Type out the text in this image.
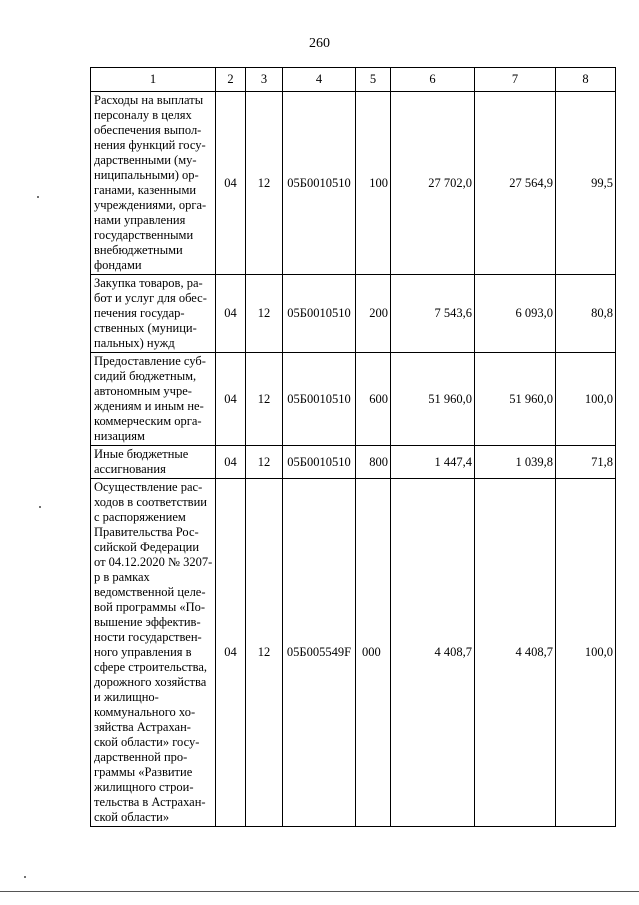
260
1	2	3	4	5	6	7	8
Расходы на выплаты персоналу в целях обеспечения выпол-нения функций госу-дарственными (му-ниципальными) ор-ганами, казенными учреждениями, орга-нами управления государственными внебюджетными фондами	04	12	05Б0010510	100	27 702,0	27 564,9	99,5
Закупка товаров, ра-бот и услуг для обес-печения государ-ственных (муници-пальных) нужд	04	12	05Б0010510	200	7 543,6	6 093,0	80,8
Предоставление суб-сидий бюджетным, автономным учре-ждениям и иным не-коммерческим орга-низациям	04	12	05Б0010510	600	51 960,0	51 960,0	100,0
Иные бюджетные ассигнования	04	12	05Б0010510	800	1 447,4	1 039,8	71,8
Осуществление рас-ходов в соответствии с распоряжением Правительства Рос-сийской Федерации от 04.12.2020 № 3207-р в рамках ведомственной целе-вой программы «По-вышение эффектив-ности государствен-ного управления в сфере строительства, дорожного хозяйства и жилищно-коммунального хо-зяйства Астрахан-ской области» госу-дарственной про-граммы «Развитие жилищного строи-тельства в Астрахан-ской области»	04	12	05Б005549F	000	4 408,7	4 408,7	100,0
